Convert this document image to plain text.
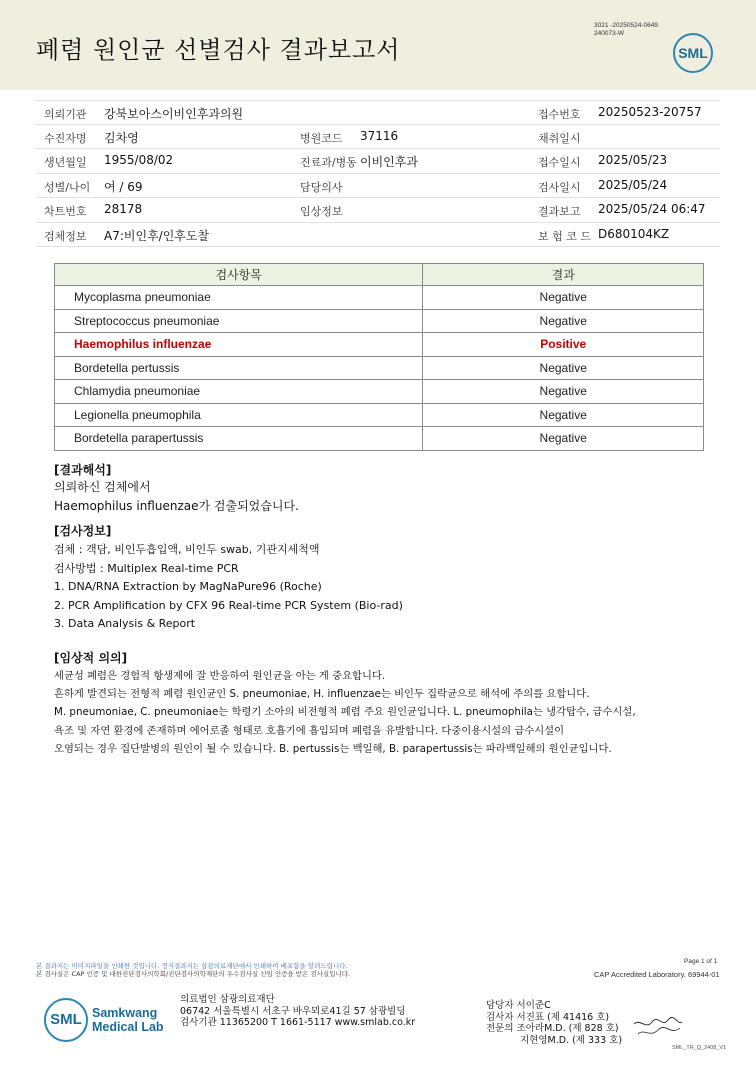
폐렴 원인균 선별검사 결과보고서
3021 -20250524-0649
240073-W
SML
의뢰기관 강북보아스이비인후과의원	접수번호 20250523-20757
수진자명 김차영	병원코드 37116	채취일시
생년월일 1955/08/02	진료과/병동 이비인후과	접수일시 2025/05/23
성별/나이 여 / 69	담당의사	검사일시 2025/05/24
차트번호 28178	임상정보	결과보고 2025/05/24 06:47
검체정보 A7:비인후/인후도찰	보 험 코 드 D680104KZ
검사항목	결과
Mycoplasma pneumoniae	Negative
Streptococcus pneumoniae	Negative
Haemophilus influenzae	Positive
Bordetella pertussis	Negative
Chlamydia pneumoniae	Negative
Legionella pneumophila	Negative
Bordetella parapertussis	Negative
[결과해석]
의뢰하신 검체에서
Haemophilus influenzae가 검출되었습니다.
[검사정보]
검체 : 객담, 비인두흡입액, 비인두 swab, 기관지세척액
검사방법 : Multiplex Real-time PCR
1. DNA/RNA Extraction by MagNaPure96 (Roche)
2. PCR Amplification by CFX 96 Real-time PCR System (Bio-rad)
3. Data Analysis & Report
[임상적 의의]
세균성 폐렴은 경험적 항생제에 잘 반응하여 원인균을 아는 게 중요합니다.
흔하게 발견되는 전형적 폐렴 원인균인 S. pneumoniae, H. influenzae는 비인두 집락균으로 해석에 주의를 요합니다.
M. pneumoniae, C. pneumoniae는 학령기 소아의 비전형적 폐렴 주요 원인균입니다. L. pneumophila는 냉각탑수, 급수시설,
욕조 및 자연 환경에 존재하며 에어로졸 형태로 호흡기에 흡입되며 폐렴을 유발합니다. 다중이용시설의 급수시설이
오염되는 경우 집단발병의 원인이 될 수 있습니다. B. pertussis는 백일해, B. parapertussis는 파라백일해의 원인균입니다.
본 결과지는 이미지파일을 인쇄한 것입니다. 정식결과지는 삼광의료재단에서 인쇄하여 배포함을 알려드립니다.
본 검사실은 CAP 인증 및 대한진단검사의학회/진단검사의학재단의 우수검사실 신임 인증을 받은 검사실입니다.
Page 1 of 1
CAP Accredited Laboratory. 69944-01
SML Samkwang
Medical Lab
의료법인 삼광의료재단
06742 서울특별시 서초구 바우뫼로41길 57 삼광빌딩
검사기관 11365200 T 1661-5117 www.smlab.co.kr
담당자 서이준C
검사자 서진표 (제 41416 호)
전문의 조아라M.D. (제 828 호)
지현영M.D. (제 333 호)
SML_TR_Q_2408_V1
